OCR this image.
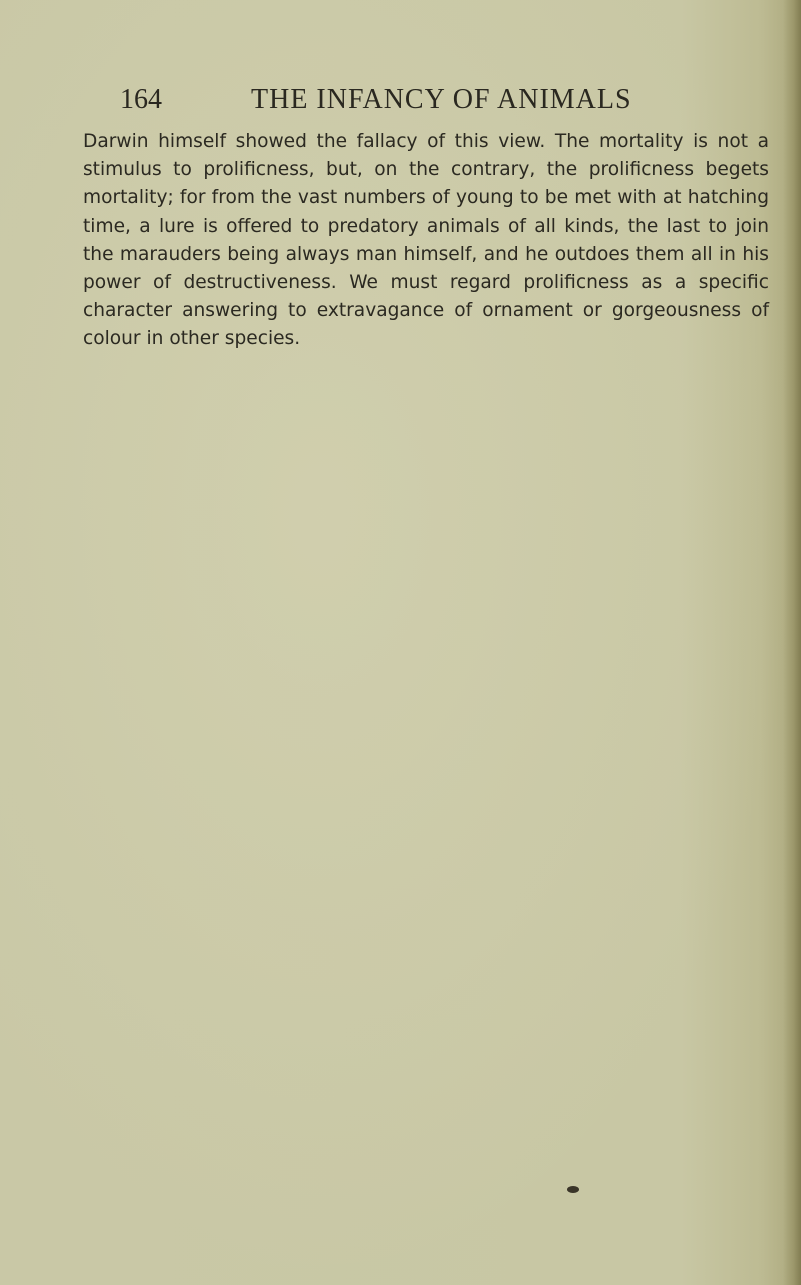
164	THE INFANCY OF ANIMALS

Darwin himself showed the fallacy of this view. The mortality is not a stimulus to prolificness, but, on the contrary, the prolificness begets mortality; for from the vast numbers of young to be met with at hatching time, a lure is offered to predatory animals of all kinds, the last to join the marauders being always man himself, and he outdoes them all in his power of destructiveness. We must regard prolificness as a specific character answering to extravagance of ornament or gorgeousness of colour in other species.
